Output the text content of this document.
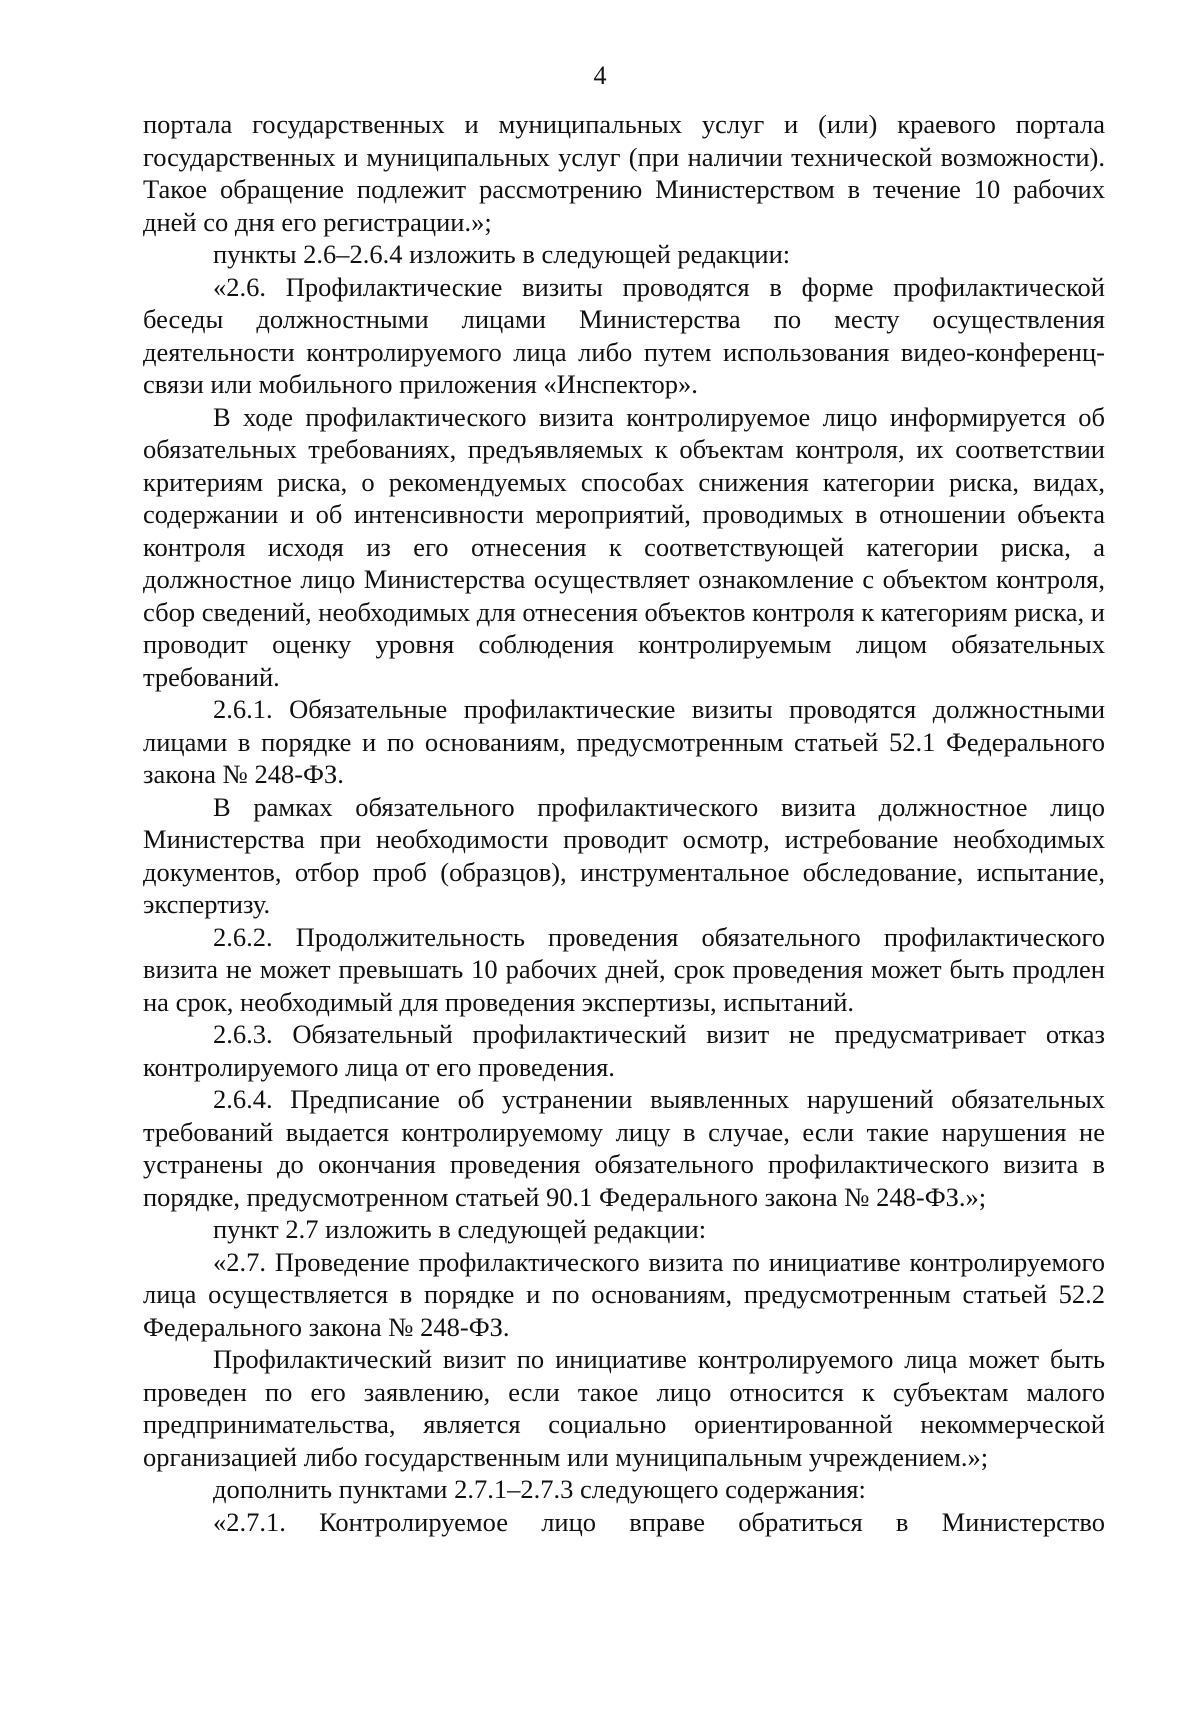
4

портала государственных и муниципальных услуг и (или) краевого портала государственных и муниципальных услуг (при наличии технической возможности). Такое обращение подлежит рассмотрению Министерством в течение 10 рабочих дней со дня его регистрации.»;

пункты 2.6–2.6.4 изложить в следующей редакции:

«2.6. Профилактические визиты проводятся в форме профилактической беседы должностными лицами Министерства по месту осуществления деятельности контролируемого лица либо путем использования видео-конференц-связи или мобильного приложения «Инспектор».

В ходе профилактического визита контролируемое лицо информируется об обязательных требованиях, предъявляемых к объектам контроля, их соответствии критериям риска, о рекомендуемых способах снижения категории риска, видах, содержании и об интенсивности мероприятий, проводимых в отношении объекта контроля исходя из его отнесения к соответствующей категории риска, а должностное лицо Министерства осуществляет ознакомление с объектом контроля, сбор сведений, необходимых для отнесения объектов контроля к категориям риска, и проводит оценку уровня соблюдения контролируемым лицом обязательных требований.

2.6.1. Обязательные профилактические визиты проводятся должностными лицами в порядке и по основаниям, предусмотренным статьей 52.1 Федерального закона № 248-ФЗ.

В рамках обязательного профилактического визита должностное лицо Министерства при необходимости проводит осмотр, истребование необходимых документов, отбор проб (образцов), инструментальное обследование, испытание, экспертизу.

2.6.2. Продолжительность проведения обязательного профилактического визита не может превышать 10 рабочих дней, срок проведения может быть продлен на срок, необходимый для проведения экспертизы, испытаний.

2.6.3. Обязательный профилактический визит не предусматривает отказ контролируемого лица от его проведения.

2.6.4. Предписание об устранении выявленных нарушений обязательных требований выдается контролируемому лицу в случае, если такие нарушения не устранены до окончания проведения обязательного профилактического визита в порядке, предусмотренном статьей 90.1 Федерального закона № 248-ФЗ.»;

пункт 2.7 изложить в следующей редакции:

«2.7. Проведение профилактического визита по инициативе контролируемого лица осуществляется в порядке и по основаниям, предусмотренным статьей 52.2 Федерального закона № 248-ФЗ.

Профилактический визит по инициативе контролируемого лица может быть проведен по его заявлению, если такое лицо относится к субъектам малого предпринимательства, является социально ориентированной некоммерческой организацией либо государственным или муниципальным учреждением.»;

дополнить пунктами 2.7.1–2.7.3 следующего содержания:

«2.7.1. Контролируемое лицо вправе обратиться в Министерство
